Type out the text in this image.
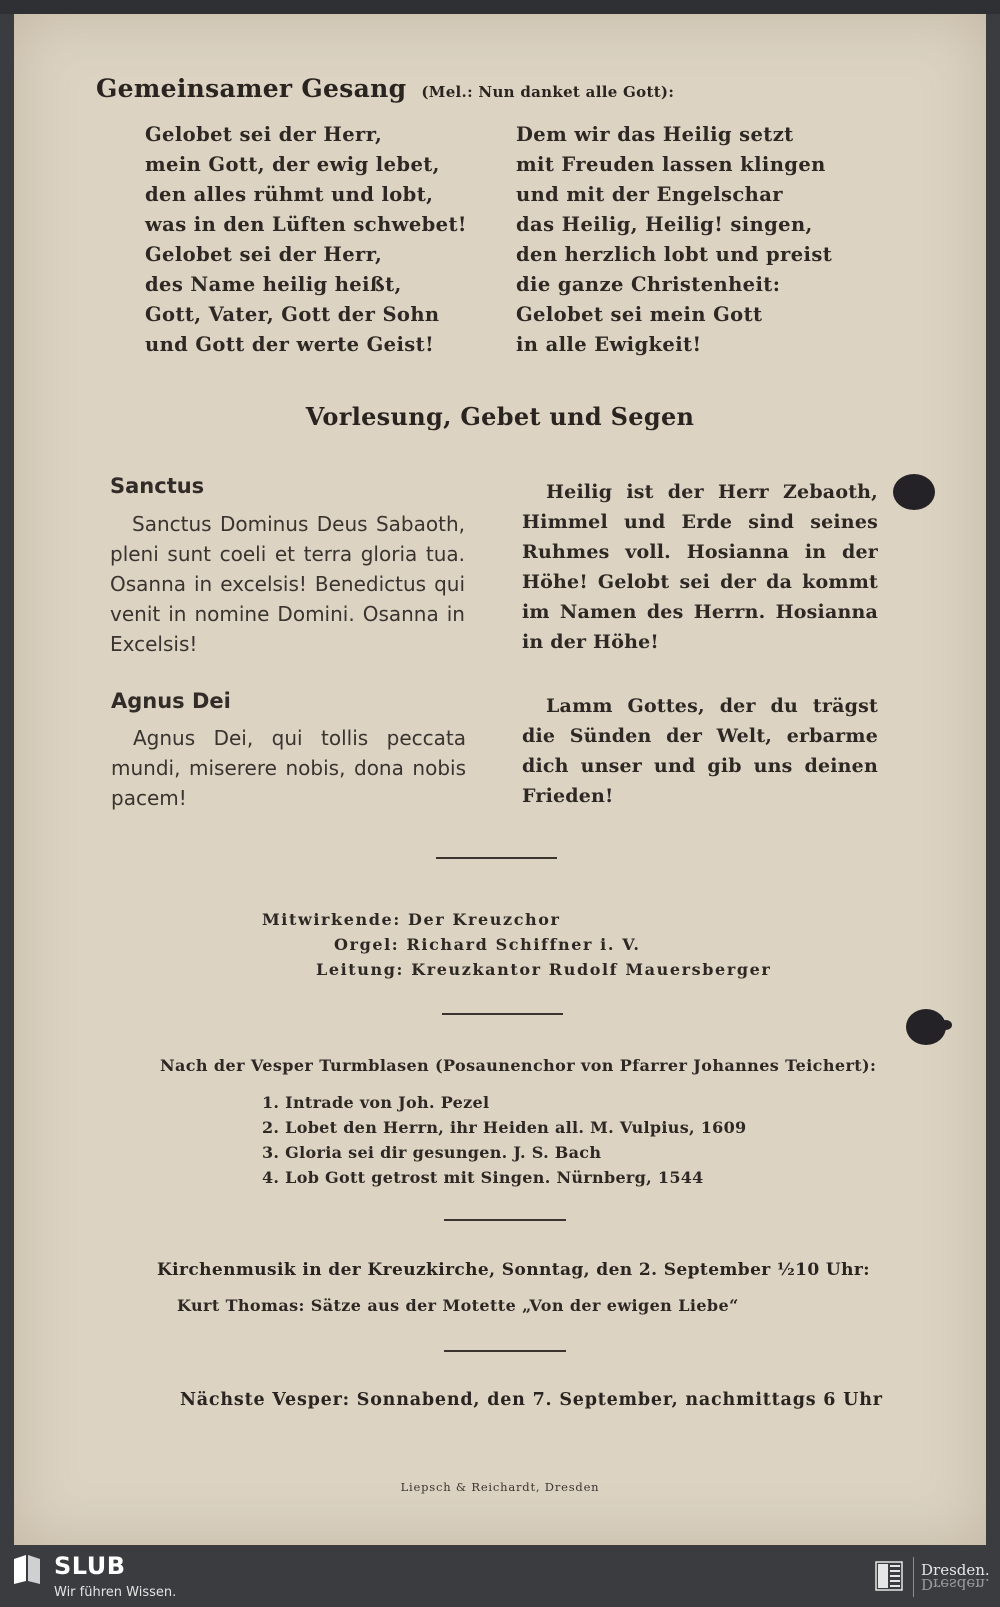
Gemeinsamer Gesang (Mel.: Nun danket alle Gott):
Gelobet sei der Herr,
mein Gott, der ewig lebet,
den alles rühmt und lobt,
was in den Lüften schwebet!
Gelobet sei der Herr,
des Name heilig heißt,
Gott, Vater, Gott der Sohn
und Gott der werte Geist!
Dem wir das Heilig setzt
mit Freuden lassen klingen
und mit der Engelschar
das Heilig, Heilig! singen,
den herzlich lobt und preist
die ganze Christenheit:
Gelobet sei mein Gott
in alle Ewigkeit!
Vorlesung, Gebet und Segen
Sanctus
Sanctus Dominus Deus Sabaoth, pleni sunt coeli et terra gloria tua. Osanna in excelsis! Benedictus qui venit in nomine Domini. Osanna in Excelsis!
Heilig ist der Herr Zebaoth, Himmel und Erde sind seines Ruhmes voll. Hosianna in der Höhe! Gelobt sei der da kommt im Namen des Herrn. Hosianna in der Höhe!
Agnus Dei
Agnus Dei, qui tollis peccata mundi, miserere nobis, dona nobis pacem!
Lamm Gottes, der du trägst die Sünden der Welt, erbarme dich unser und gib uns deinen Frieden!
Mitwirkende: Der Kreuzchor
Orgel: Richard Schiffner i. V.
Leitung: Kreuzkantor Rudolf Mauersberger
Nach der Vesper Turmblasen (Posaunenchor von Pfarrer Johannes Teichert):
1. Intrade von Joh. Pezel
2. Lobet den Herrn, ihr Heiden all. M. Vulpius, 1609
3. Gloria sei dir gesungen. J. S. Bach
4. Lob Gott getrost mit Singen. Nürnberg, 1544
Kirchenmusik in der Kreuzkirche, Sonntag, den 2. September ½10 Uhr:
Kurt Thomas: Sätze aus der Motette „Von der ewigen Liebe“
Nächste Vesper: Sonnabend, den 7. September, nachmittags 6 Uhr
Liepsch & Reichardt, Dresden
SLUB
Wir führen Wissen.
Dresden.
Dresden.
